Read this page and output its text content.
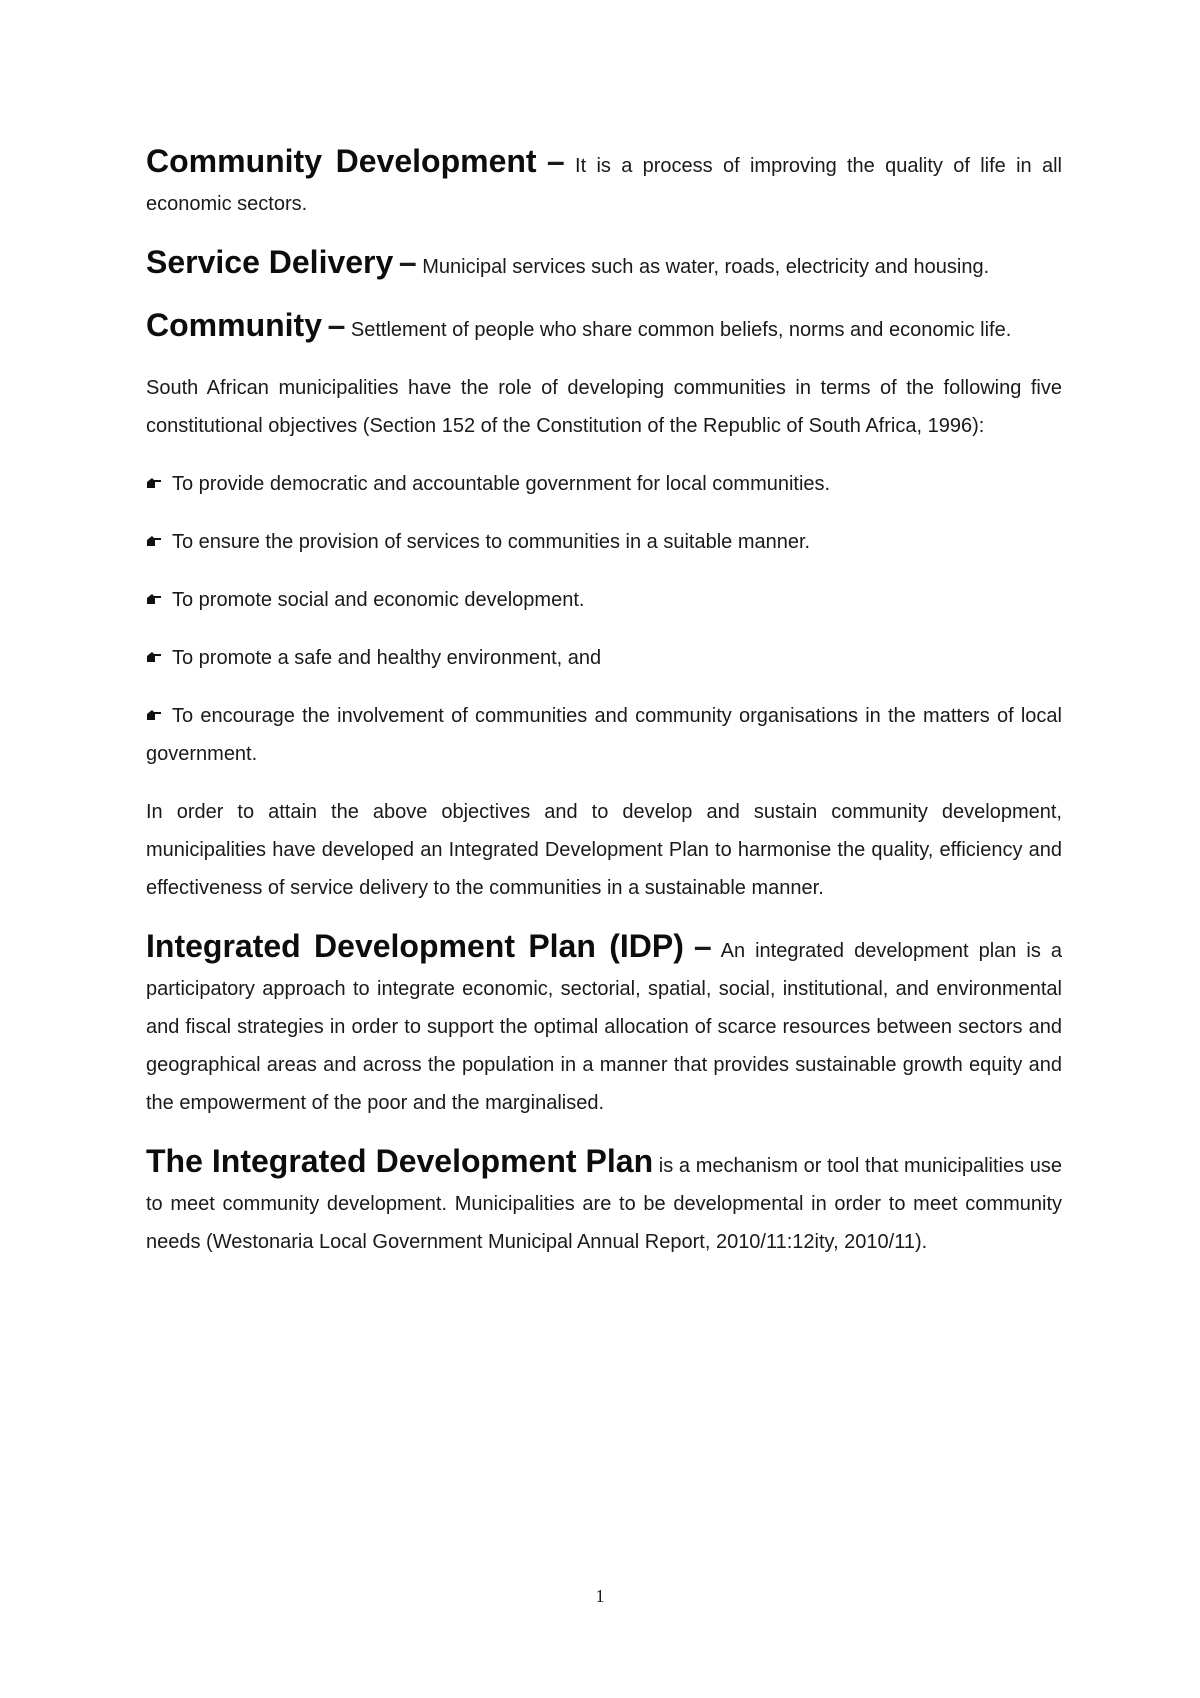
Community Development – It is a process of improving the quality of life in all economic sectors.

Service Delivery – Municipal services such as water, roads, electricity and housing.

Community – Settlement of people who share common beliefs, norms and economic life.

South African municipalities have the role of developing communities in terms of the following five constitutional objectives (Section 152 of the Constitution of the Republic of South Africa, 1996):

To provide democratic and accountable government for local communities.

To ensure the provision of services to communities in a suitable manner.

To promote social and economic development.

To promote a safe and healthy environment, and

To encourage the involvement of communities and community organisations in the matters of local government.

In order to attain the above objectives and to develop and sustain community development, municipalities have developed an Integrated Development Plan to harmonise the quality, efficiency and effectiveness of service delivery to the communities in a sustainable manner.

Integrated Development Plan (IDP) – An integrated development plan is a participatory approach to integrate economic, sectorial, spatial, social, institutional, and environmental and fiscal strategies in order to support the optimal allocation of scarce resources between sectors and geographical areas and across the population in a manner that provides sustainable growth equity and the empowerment of the poor and the marginalised.

The Integrated Development Plan is a mechanism or tool that municipalities use to meet community development. Municipalities are to be developmental in order to meet community needs (Westonaria Local Government Municipal Annual Report, 2010/11:12ity, 2010/11).

1
